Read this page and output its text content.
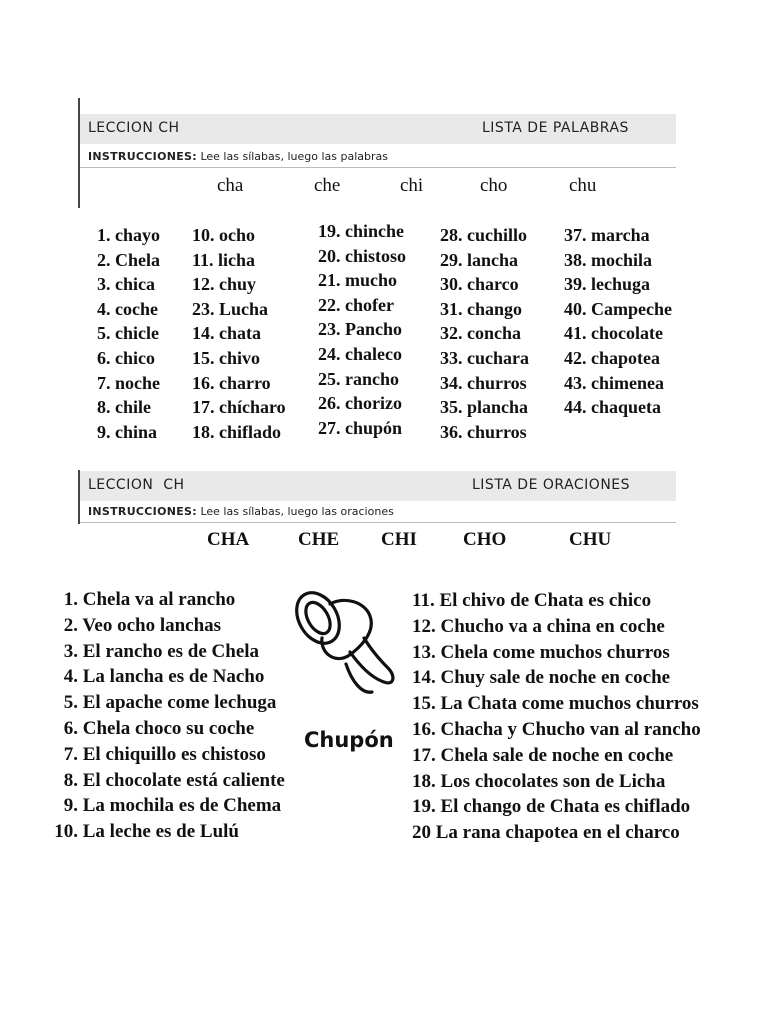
LECCION CH	LISTA DE PALABRAS
INSTRUCCIONES: Lee las sílabas, luego las palabras
cha	che	chi	cho	chu
1. chayo
2. Chela
3. chica
4. coche
5. chicle
6. chico
7. noche
8. chile
9. china
10. ocho
11. licha
12. chuy
23. Lucha
14. chata
15. chivo
16. charro
17. chícharo
18. chiflado
19. chinche
20. chistoso
21. mucho
22. chofer
23. Pancho
24. chaleco
25. rancho
26. chorizo
27. chupón
28. cuchillo
29. lancha
30. charco
31. chango
32. concha
33. cuchara
34. churros
35. plancha
36. churros
37. marcha
38. mochila
39. lechuga
40. Campeche
41. chocolate
42. chapotea
43. chimenea
44. chaqueta
LECCION  CH	LISTA DE ORACIONES
INSTRUCCIONES: Lee las sílabas, luego las oraciones
CHA	CHE CHI CHO	CHU
1. Chela va al rancho
2. Veo ocho lanchas
3. El rancho es de Chela
4. La lancha es de Nacho
5. El apache come lechuga
6. Chela choco su coche
7. El chiquillo es chistoso
8. El chocolate está caliente
9. La mochila es de Chema
10. La leche es de Lulú
Chupón
11. El chivo de Chata es chico
12. Chucho va a china en coche
13. Chela come muchos churros
14. Chuy sale de noche en coche
15. La Chata come muchos churros
16. Chacha y Chucho van al rancho
17. Chela sale de noche en coche
18. Los chocolates son de Licha
19. El chango de Chata es chiflado
20 La rana chapotea en el charco
